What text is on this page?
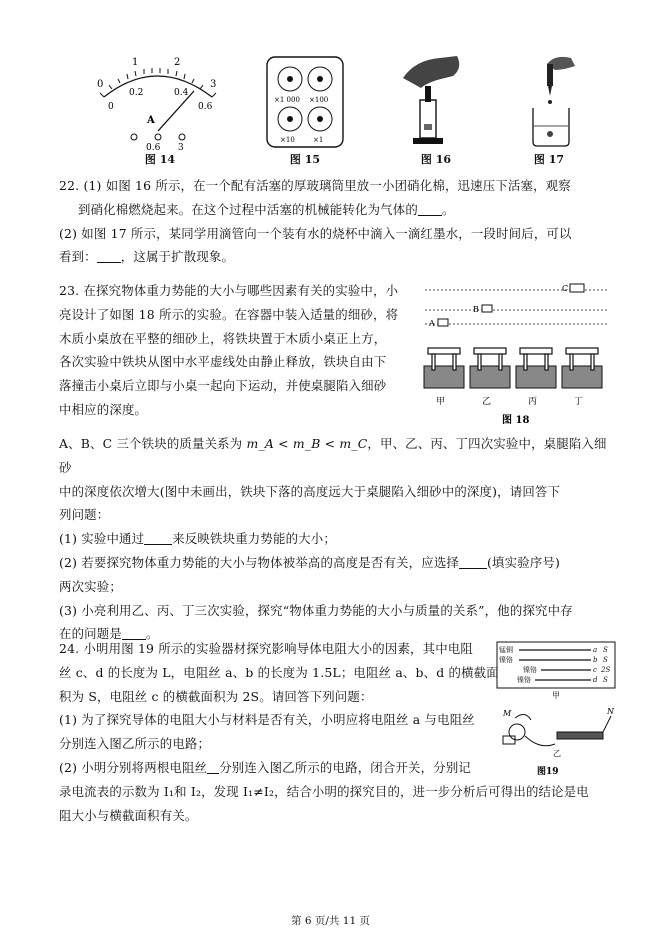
0
1	2
3
0
0.2	0.4
0.6
A
0.6 3
图 14
×1 000 ×100
×10	×1
图 15	图 16	图 17
22. (1) 如图 16 所示，在一个配有活塞的厚玻璃筒里放一小团硝化棉，迅速压下活塞，观察
到硝化棉燃烧起来。在这个过程中活塞的机械能转化为气体的 。
(2) 如图 17 所示，某同学用滴管向一个装有水的烧杯中滴入一滴红墨水，一段时间后，可以
看到： ，这属于扩散现象。
23. 在探究物体重力势能的大小与哪些因素有关的实验中，小
亮设计了如图 18 所示的实验。在容器中装入适量的细砂，将
木质小桌放在平整的细砂上，将铁块置于木质小桌正上方，
各次实验中铁块从图中水平虚线处由静止释放，铁块自由下
落撞击小桌后立即与小桌一起向下运动，并使桌腿陷入细砂
中相应的深度。
A
B
C
甲	乙	丙	丁
图 18
A、B、C 三个铁块的质量关系为 m_A < m_B < m_C，甲、乙、丙、丁四次实验中，桌腿陷入细砂
中的深度依次增大(图中未画出，铁块下落的高度远大于桌腿陷入细砂中的深度)，请回答下
列问题：
(1) 实验中通过 来反映铁块重力势能的大小；
(2) 若要探究物体重力势能的大小与物体被举高的高度是否有关，应选择 (填实验序号)
两次实验；
(3) 小亮利用乙、丙、丁三次实验，探究“物体重力势能的大小与质量的关系”，他的探究中存
在的问题是 。
24. 小明用图 19 所示的实验器材探究影响导体电阻大小的因素，其中电阻
丝 c、d 的长度为 L，电阻丝 a、b 的长度为 1.5L；电阻丝 a、b、d 的横截面
积为 S，电阻丝 c 的横截面积为 2S。请回答下列问题：
(1) 为了探究导体的电阻大小与材料是否有关，小明应将电阻丝 a 与电阻丝
分别连入图乙所示的电路；
锰铜
镍铬
镍铬
镍铬
a
b
c
d
S
S
2S
S
甲
M	N
乙
图19
(2) 小明分别将两根电阻丝 分别连入图乙所示的电路，闭合开关，分别记
录电流表的示数为 I₁和 I₂，发现 I₁≠I₂，结合小明的探究目的，进一步分析后可得出的结论是电
阻大小与横截面积有关。
第 6 页/共 11 页
